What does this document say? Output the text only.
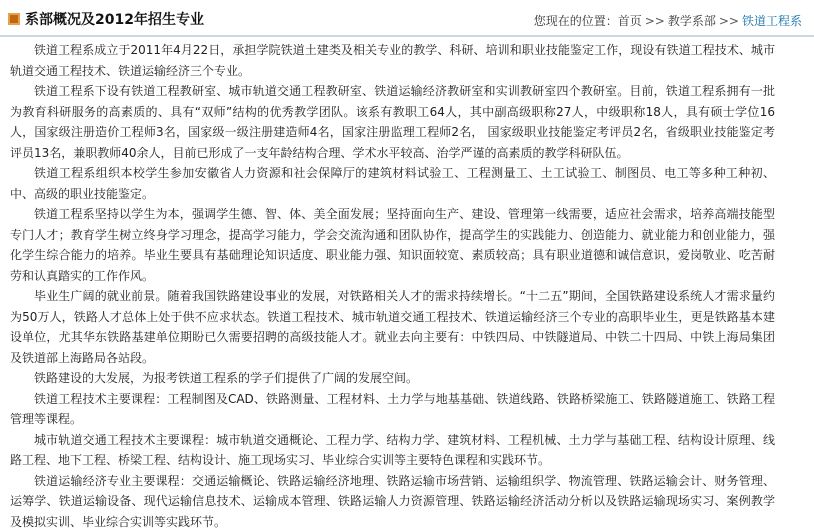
系部概况及2012年招生专业	您现在的位置： 首页 >> 教学系部 >> 铁道工程系

铁道工程系成立于2011年4月22日，承担学院铁道土建类及相关专业的教学、科研、培训和职业技能鉴定工作，现设有铁道工程技术、城市轨道交通工程技术、铁道运输经济三个专业。

铁道工程系下设有铁道工程教研室、城市轨道交通工程教研室、铁道运输经济教研室和实训教研室四个教研室。目前，铁道工程系拥有一批为教育科研服务的高素质的、具有“双师”结构的优秀教学团队。该系有教职工64人，其中副高级职称27人，中级职称18人，具有硕士学位16人，国家级注册造价工程师3名，国家级一级注册建造师4名，国家注册监理工程师2名， 国家级职业技能鉴定考评员2名，省级职业技能鉴定考评员13名，兼职教师40余人，目前已形成了一支年龄结构合理、学术水平较高、治学严谨的高素质的教学科研队伍。

铁道工程系组织本校学生参加安徽省人力资源和社会保障厅的建筑材料试验工、工程测量工、土工试验工、制图员、电工等多种工种初、中、高级的职业技能鉴定。

铁道工程系坚持以学生为本，强调学生德、智、体、美全面发展；坚持面向生产、建设、管理第一线需要，适应社会需求，培养高端技能型专门人才；教育学生树立终身学习理念，提高学习能力，学会交流沟通和团队协作，提高学生的实践能力、创造能力、就业能力和创业能力，强化学生综合能力的培养。毕业生要具有基础理论知识适度、职业能力强、知识面较宽、素质较高；具有职业道德和诚信意识，爱岗敬业、吃苦耐劳和认真踏实的工作作风。

毕业生广阔的就业前景。随着我国铁路建设事业的发展，对铁路相关人才的需求持续增长。“十二五”期间，全国铁路建设系统人才需求量约为50万人，铁路人才总体上处于供不应求状态。铁道工程技术、城市轨道交通工程技术、铁道运输经济三个专业的高职毕业生，更是铁路基本建设单位，尤其华东铁路基建单位期盼已久需要招聘的高级技能人才。就业去向主要有：中铁四局、中铁隧道局、中铁二十四局、中铁上海局集团及铁道部上海路局各站段。

铁路建设的大发展，为报考铁道工程系的学子们提供了广阔的发展空间。

铁道工程技术主要课程：工程制图及CAD、铁路测量、工程材料、土力学与地基基础、铁道线路、铁路桥梁施工、铁路隧道施工、铁路工程管理等课程。

城市轨道交通工程技术主要课程：城市轨道交通概论、工程力学、结构力学、建筑材料、工程机械、土力学与基础工程、结构设计原理、线路工程、地下工程、桥梁工程、结构设计、施工现场实习、毕业综合实训等主要特色课程和实践环节。

铁道运输经济专业主要课程：交通运输概论、铁路运输经济地理、铁路运输市场营销、运输组织学、物流管理、铁路运输会计、财务管理、运筹学、铁道运输设备、现代运输信息技术、运输成本管理、铁路运输人力资源管理、铁路运输经济活动分析以及铁路运输现场实习、案例教学及模拟实训、毕业综合实训等实践环节。
